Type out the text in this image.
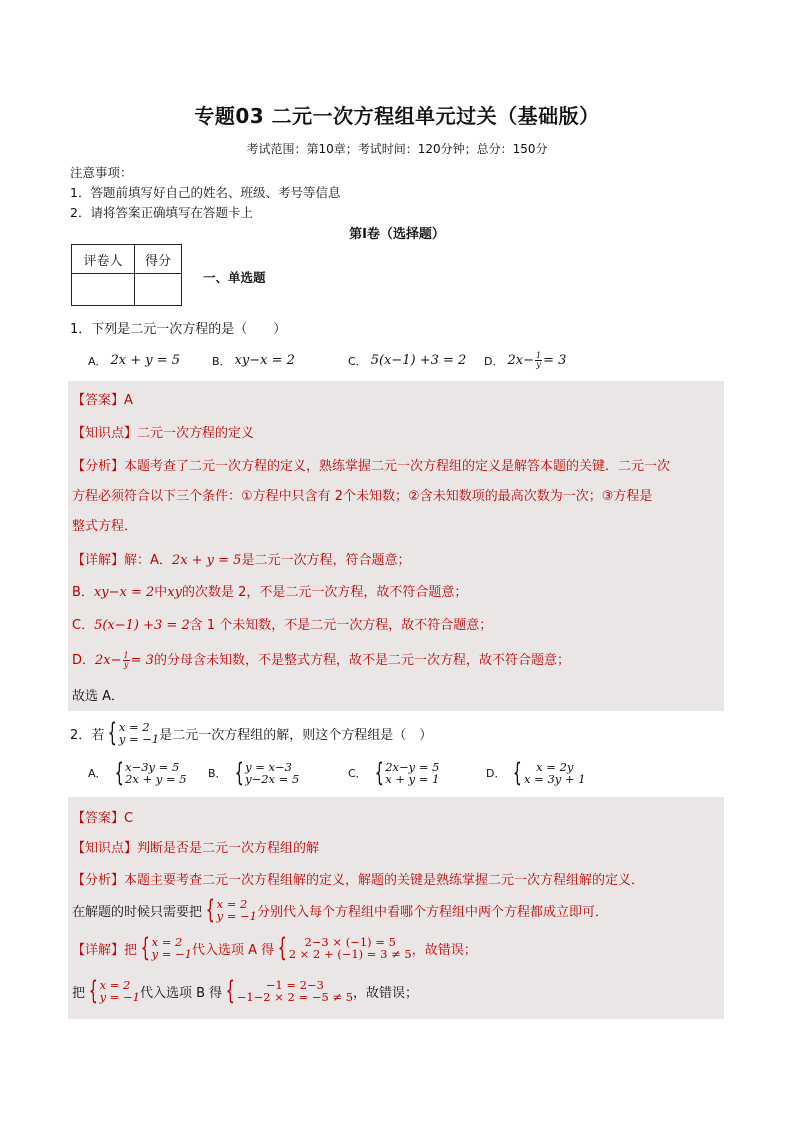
专题03 二元一次方程组单元过关（基础版）
考试范围：第10章；考试时间：120分钟；总分：150分
注意事项：
1．答题前填写好自己的姓名、班级、考号等信息
2．请将答案正确填写在答题卡上
第I卷（选择题）
评卷人	得分

一、单选题
1．下列是二元一次方程的是（　　）
A． 2x + y = 5	B． xy−x = 2	C． 5(x−1) +3 = 2 D． $2x- \frac{1}{y} = 3$
【答案】A
【知识点】二元一次方程的定义
【分析】本题考查了二元一次方程的定义，熟练掌握二元一次方程组的定义是解答本题的关键．二元一次
方程必须符合以下三个条件：①方程中只含有 2个未知数；②含未知数项的最高次数为一次；③方程是
整式方程．
【详解】解：A．2x + y = 5是二元一次方程，符合题意；
B．xy−x = 2中xy的次数是 2，不是二元一次方程，故不符合题意；
C．5(x−1) +3 = 2含 1 个未知数，不是二元一次方程，故不符合题意；
D．$2x- \frac{1}{y} = 3$的分母含未知数，不是整式方程，故不是二元一次方程，故不符合题意；
故选 A．
2．若 { x = 2
y = −1 是二元一次方程组的解，则这个方程组是（　）
A． { x−3y = 5
2x + y = 5 B． { y = x−3
y−2x = 5	C． { 2x−y = 5
x + y = 1	D． { x = 2y
x = 3y + 1
【答案】C
【知识点】判断是否是二元一次方程组的解
【分析】本题主要考查二元一次方程组解的定义，解题的关键是熟练掌握二元一次方程组解的定义．
在解题的时候只需要把 { x = 2
y = −1 分别代入每个方程组中看哪个方程组中两个方程都成立即可．
【详解】 把 { x = 2
y = −1 代入选项 A 得 { 2−3 × (−1) = 5
2 × 2 + (−1) = 3 ≠ 5 ，故错误；
把 { x = 2
y = −1 代入选项 B 得 {	−1 = 2−3
−1−2 × 2 = −5 ≠ 5 ，故错误；
